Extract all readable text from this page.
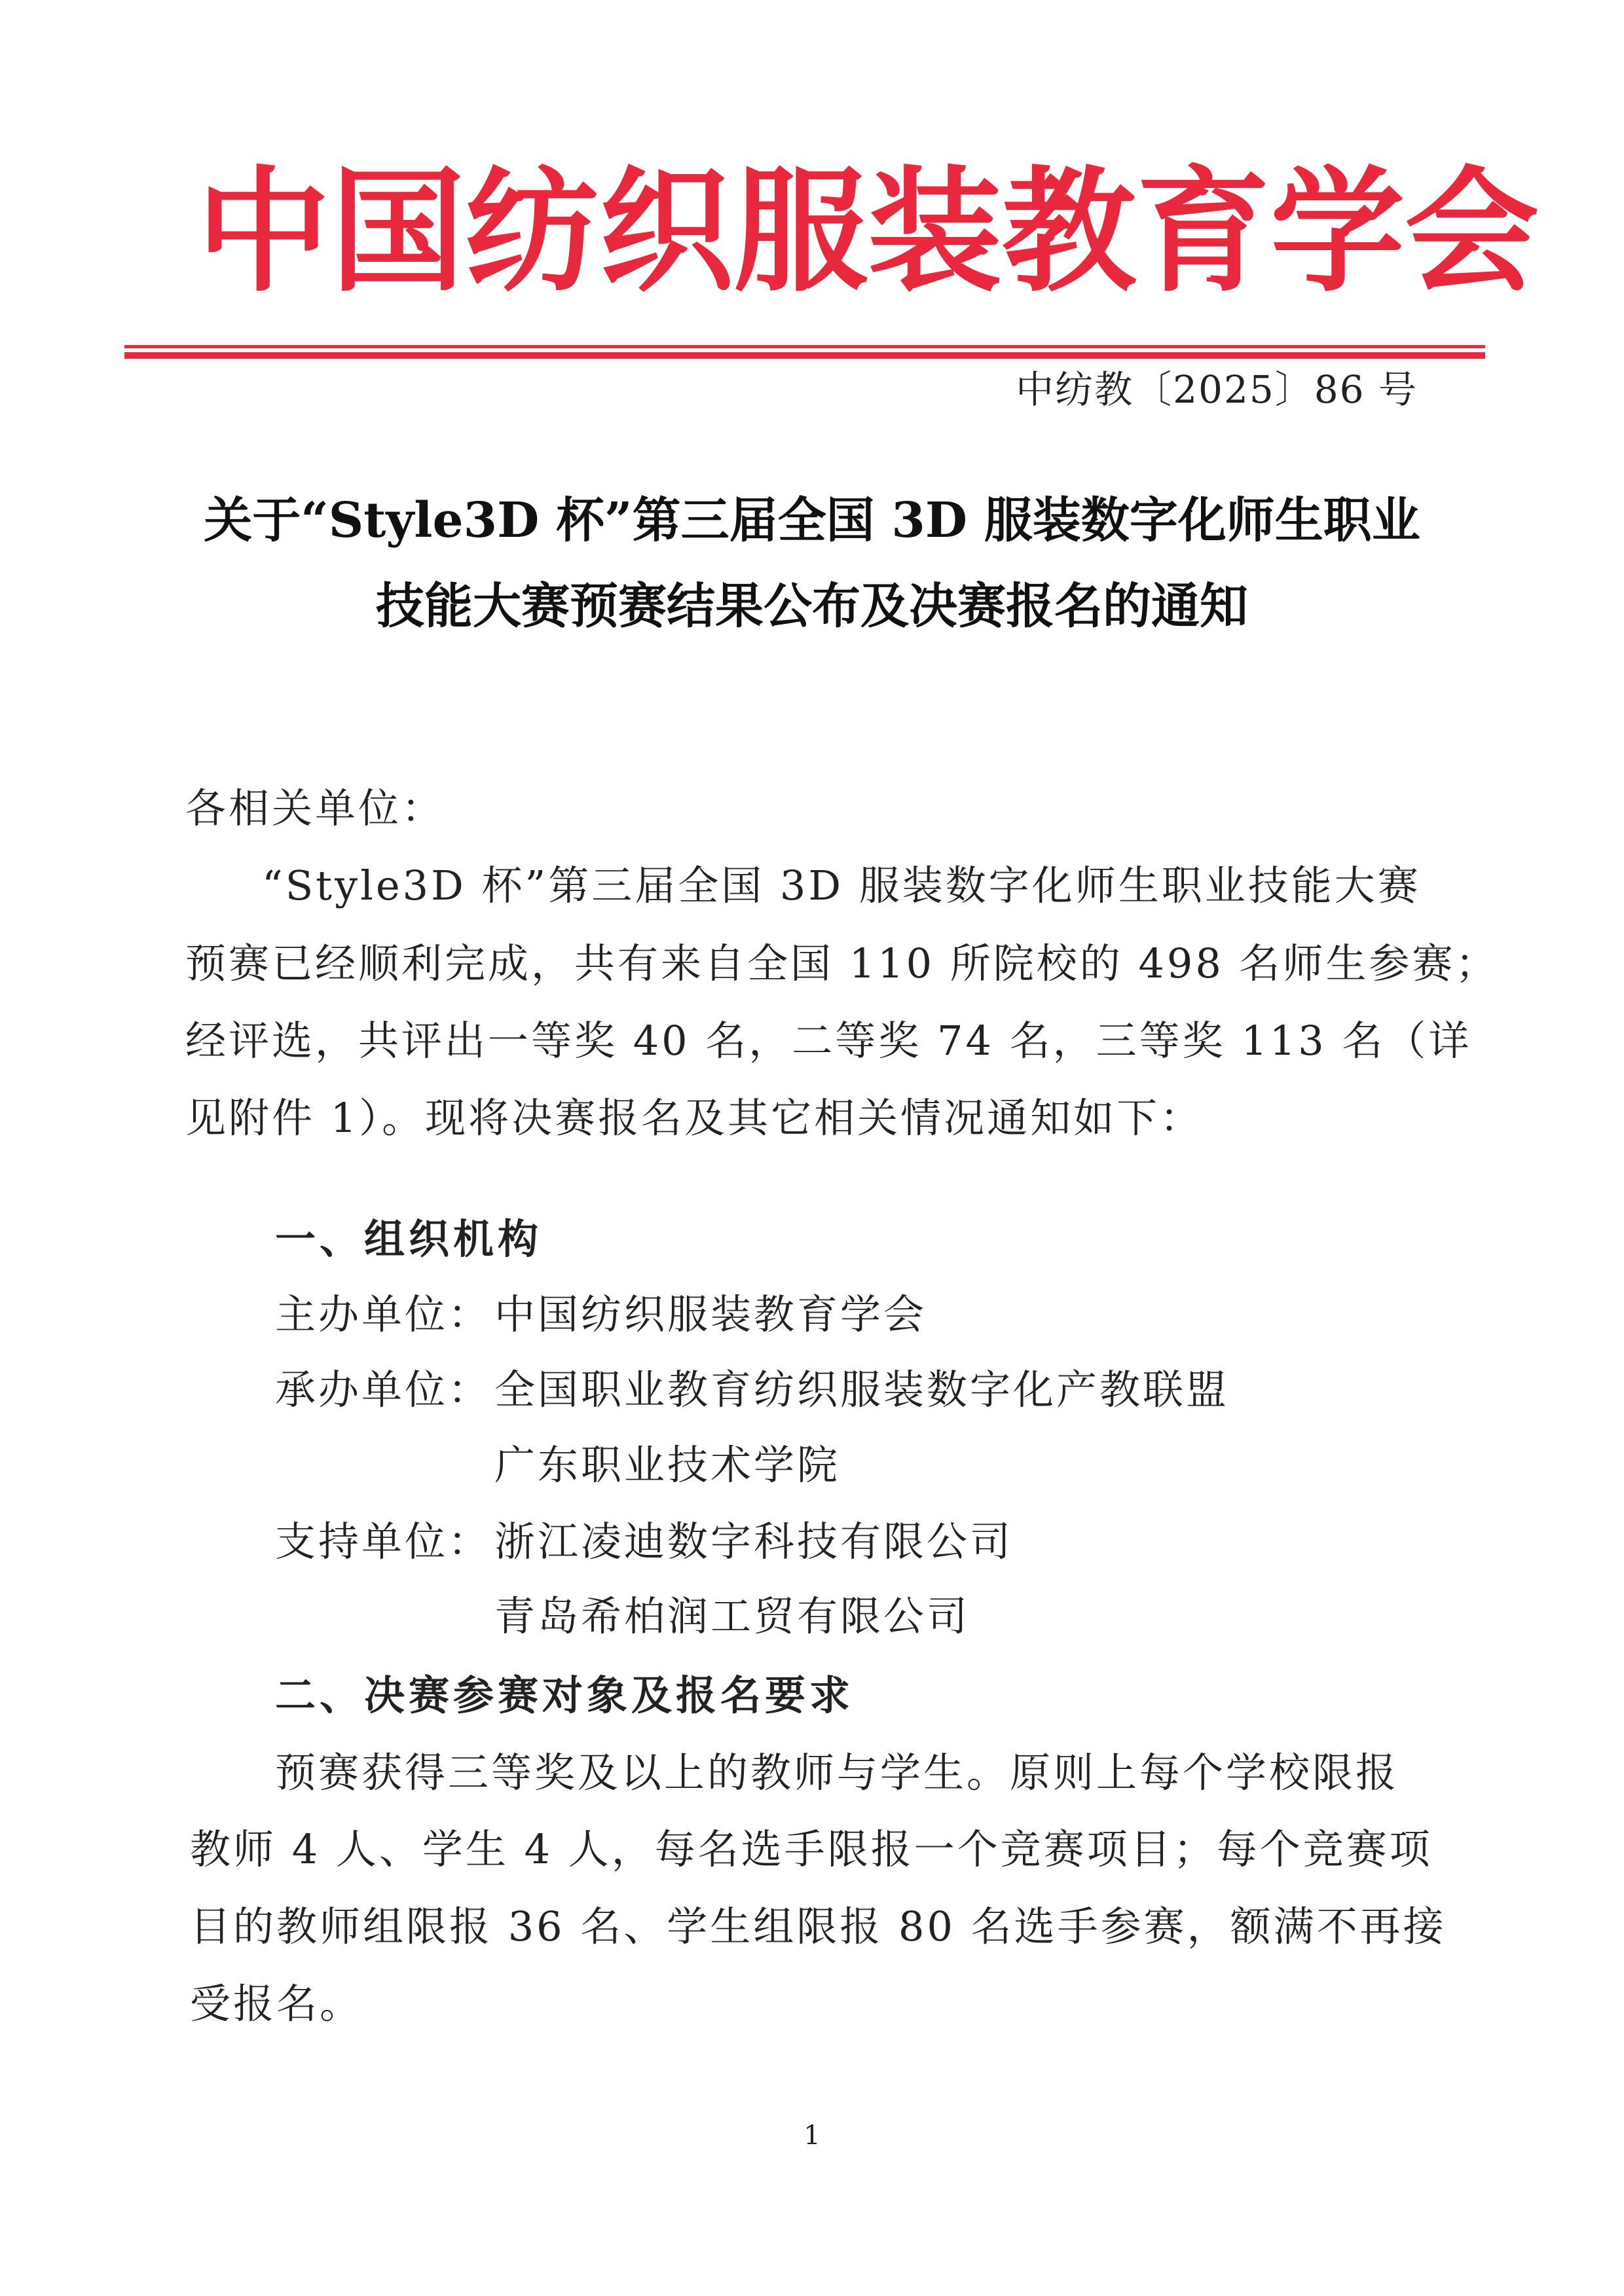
中国纺织服装教育学会
中纺教〔2025〕86 号
关于“Style3D 杯”第三届全国 3D 服装数字化师生职业
技能大赛预赛结果公布及决赛报名的通知
各相关单位：
“Style3D 杯”第三届全国 3D 服装数字化师生职业技能大赛
预赛已经顺利完成，共有来自全国 110 所院校的 498 名师生参赛；
经评选，共评出一等奖 40 名，二等奖 74 名，三等奖 113 名（详
见附件 1）。现将决赛报名及其它相关情况通知如下：
一、组织机构
主办单位： 中国纺织服装教育学会
承办单位： 全国职业教育纺织服装数字化产教联盟
广东职业技术学院
支持单位： 浙江凌迪数字科技有限公司
青岛希柏润工贸有限公司
二、决赛参赛对象及报名要求
预赛获得三等奖及以上的教师与学生。原则上每个学校限报
教师 4 人、学生 4 人，每名选手限报一个竞赛项目；每个竞赛项
目的教师组限报 36 名、学生组限报 80 名选手参赛，额满不再接
受报名。
1
